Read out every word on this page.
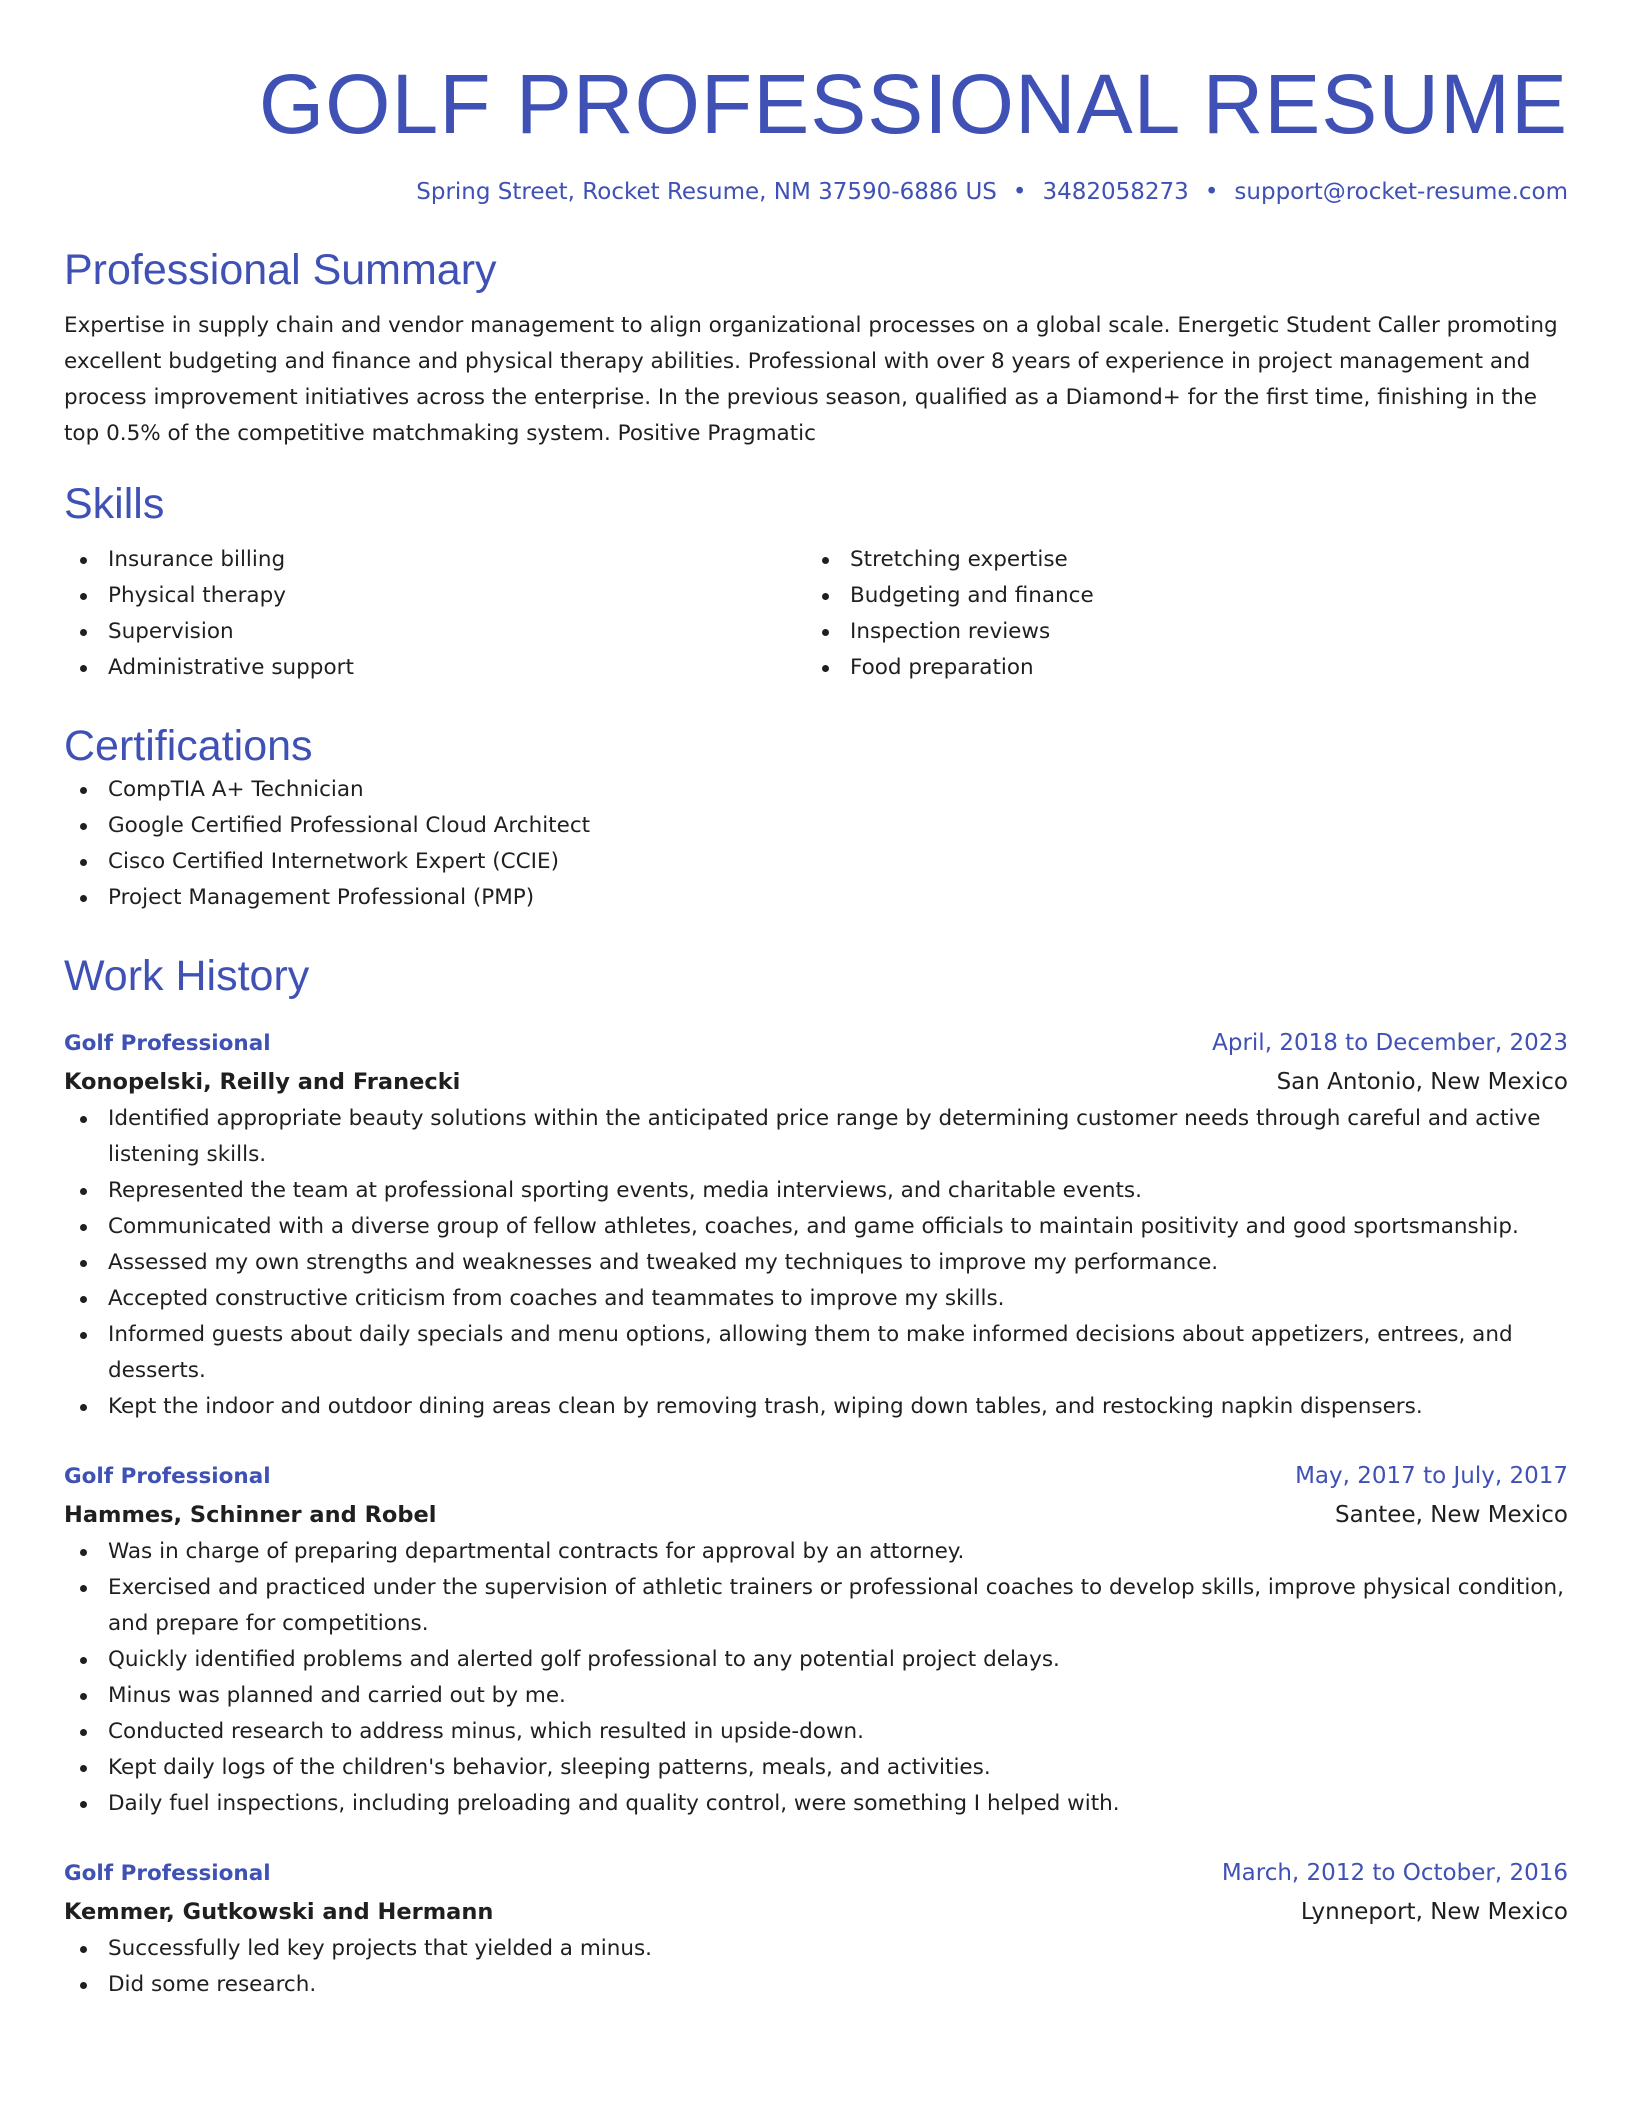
GOLF PROFESSIONAL RESUME
Spring Street, Rocket Resume, NM 37590-6886 US • 3482058273 • support@rocket-resume.com
Professional Summary
Expertise in supply chain and vendor management to align organizational processes on a global scale. Energetic Student Caller promoting excellent budgeting and finance and physical therapy abilities. Professional with over 8 years of experience in project management and process improvement initiatives across the enterprise. In the previous season, qualified as a Diamond+ for the first time, finishing in the top 0.5% of the competitive matchmaking system. Positive Pragmatic
Skills
Insurance billing
Physical therapy
Supervision
Administrative support
Stretching expertise
Budgeting and finance
Inspection reviews
Food preparation
Certifications
CompTIA A+ Technician
Google Certified Professional Cloud Architect
Cisco Certified Internetwork Expert (CCIE)
Project Management Professional (PMP)
Work History
Golf Professional	April, 2018 to December, 2023
Konopelski, Reilly and Franecki	San Antonio, New Mexico
Identified appropriate beauty solutions within the anticipated price range by determining customer needs through careful and active listening skills.
Represented the team at professional sporting events, media interviews, and charitable events.
Communicated with a diverse group of fellow athletes, coaches, and game officials to maintain positivity and good sportsmanship.
Assessed my own strengths and weaknesses and tweaked my techniques to improve my performance.
Accepted constructive criticism from coaches and teammates to improve my skills.
Informed guests about daily specials and menu options, allowing them to make informed decisions about appetizers, entrees, and desserts.
Kept the indoor and outdoor dining areas clean by removing trash, wiping down tables, and restocking napkin dispensers.
Golf Professional	May, 2017 to July, 2017
Hammes, Schinner and Robel	Santee, New Mexico
Was in charge of preparing departmental contracts for approval by an attorney.
Exercised and practiced under the supervision of athletic trainers or professional coaches to develop skills, improve physical condition, and prepare for competitions.
Quickly identified problems and alerted golf professional to any potential project delays.
Minus was planned and carried out by me.
Conducted research to address minus, which resulted in upside-down.
Kept daily logs of the children's behavior, sleeping patterns, meals, and activities.
Daily fuel inspections, including preloading and quality control, were something I helped with.
Golf Professional	March, 2012 to October, 2016
Kemmer, Gutkowski and Hermann	Lynneport, New Mexico
Successfully led key projects that yielded a minus.
Did some research.
